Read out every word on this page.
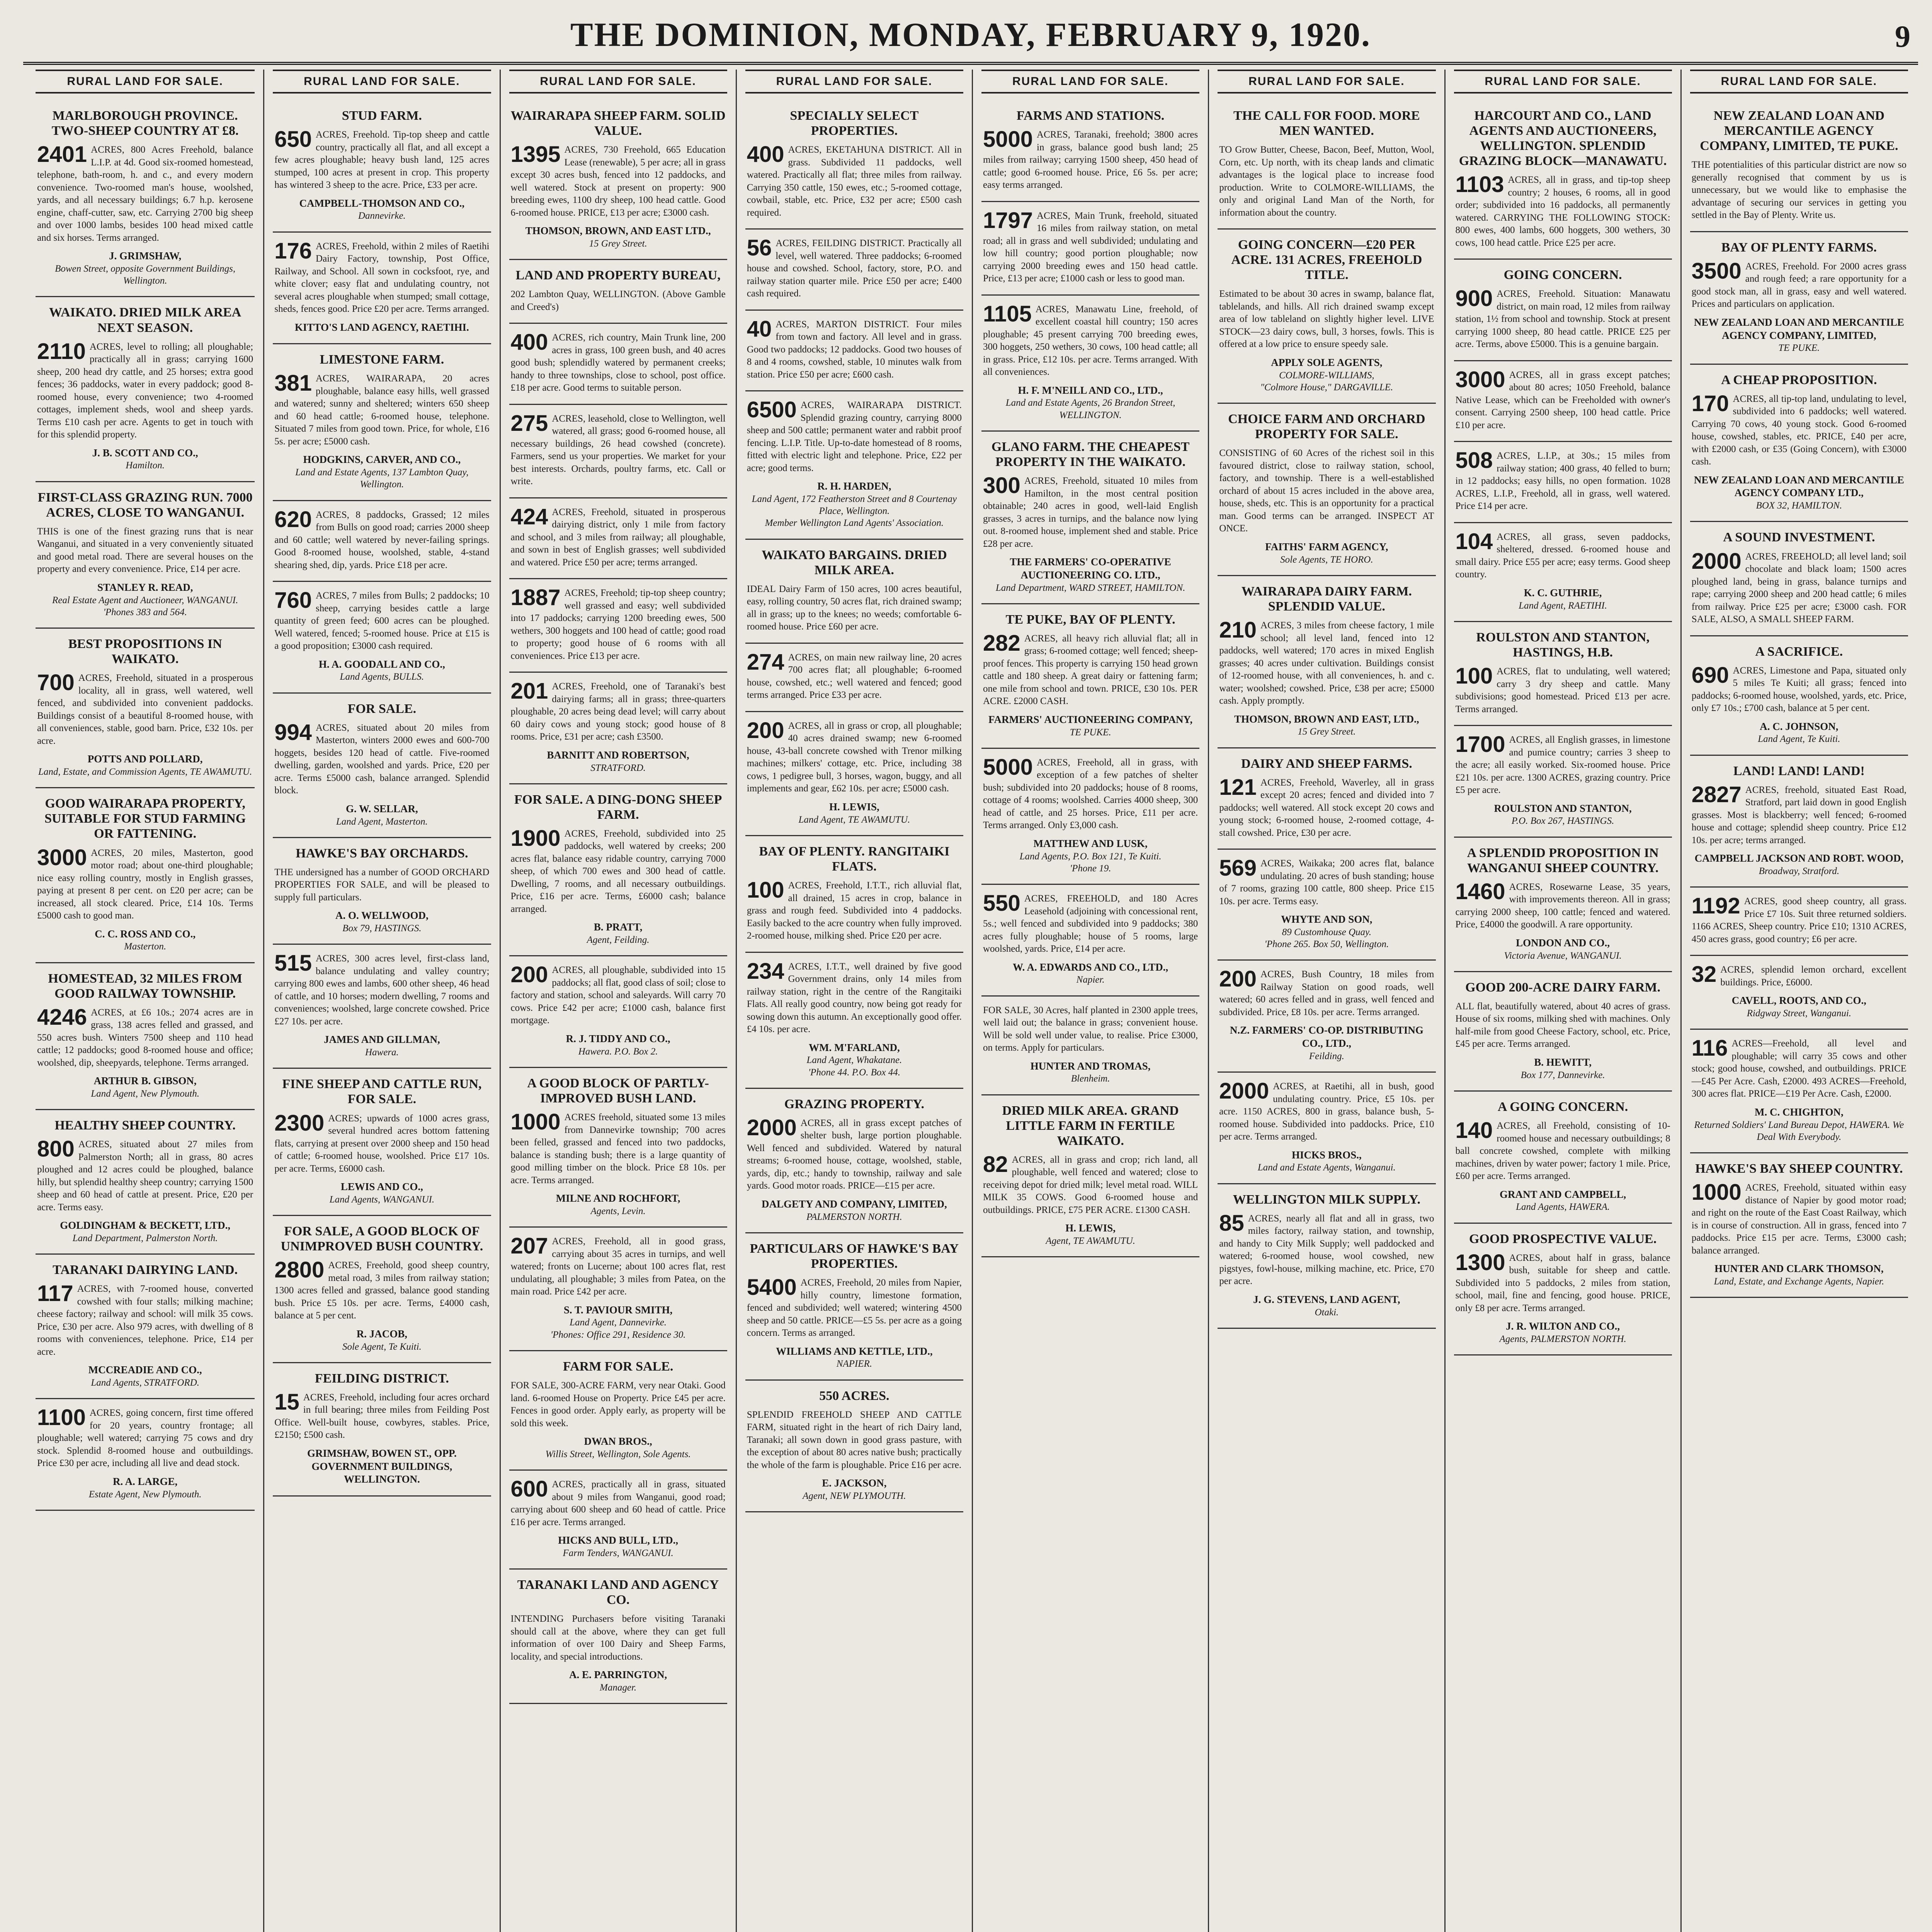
THE DOMINION, MONDAY, FEBRUARY 9, 1920.	9
RURAL LAND FOR SALE.
MARLBOROUGH PROVINCE. TWO-SHEEP COUNTRY AT £8.

2401 ACRES, 800 Acres Freehold, balance L.I.P. at 4d. Good six-roomed homestead, telephone, bath-room, h. and c., and every modern convenience. Two-roomed man's house, woolshed, yards, and all necessary buildings; 6.7 h.p. kerosene engine, chaff-cutter, saw, etc. Carrying 2700 big sheep and over 1000 lambs, besides 100 head mixed cattle and six horses. Terms arranged.

J. GRIMSHAW,
Bowen Street, opposite Government Buildings, Wellington.
WAIKATO. DRIED MILK AREA NEXT SEASON.

2110 ACRES, level to rolling; all ploughable; practically all in grass; carrying 1600 sheep, 200 head dry cattle, and 25 horses; extra good fences; 36 paddocks, water in every paddock; good 8-roomed house, every convenience; two 4-roomed cottages, implement sheds, wool and sheep yards. Terms £10 cash per acre. Agents to get in touch with for this splendid property.

J. B. SCOTT AND CO.,
Hamilton.
FIRST-CLASS GRAZING RUN. 7000 ACRES, CLOSE TO WANGANUI.

THIS is one of the finest grazing runs that is near Wanganui, and situated in a very conveniently situated and good metal road. There are several houses on the property and every convenience. Price, £14 per acre.

STANLEY R. READ,
Real Estate Agent and Auctioneer, WANGANUI.
'Phones 383 and 564.
BEST PROPOSITIONS IN WAIKATO.

700 ACRES, Freehold, situated in a prosperous locality, all in grass, well watered, well fenced, and subdivided into convenient paddocks. Buildings consist of a beautiful 8-roomed house, with all conveniences, stable, good barn. Price, £32 10s. per acre.

POTTS AND POLLARD,
Land, Estate, and Commission Agents, TE AWAMUTU.
GOOD WAIRARAPA PROPERTY, SUITABLE FOR STUD FARMING OR FATTENING.

3000 ACRES, 20 miles, Masterton, good motor road; about one-third ploughable; nice easy rolling country, mostly in English grasses, paying at present 8 per cent. on £20 per acre; can be increased, all stock cleared. Price, £14 10s. Terms £5000 cash to good man.

C. C. ROSS AND CO.,
Masterton.
HOMESTEAD, 32 MILES FROM GOOD RAILWAY TOWNSHIP.

4246 ACRES, at £6 10s.; 2074 acres are in grass, 138 acres felled and grassed, and 550 acres bush. Winters 7500 sheep and 110 head cattle; 12 paddocks; good 8-roomed house and office; woolshed, dip, sheepyards, telephone. Terms arranged.

ARTHUR B. GIBSON,
Land Agent, New Plymouth.
HEALTHY SHEEP COUNTRY.

800 ACRES, situated about 27 miles from Palmerston North; all in grass, 80 acres ploughed and 12 acres could be ploughed, balance hilly, but splendid healthy sheep country; carrying 1500 sheep and 60 head of cattle at present. Price, £20 per acre. Terms easy.

GOLDINGHAM & BECKETT, LTD.,
Land Department, Palmerston North.
TARANAKI DAIRYING LAND.

117 ACRES, with 7-roomed house, converted cowshed with four stalls; milking machine; cheese factory; railway and school: will milk 35 cows. Price, £30 per acre. Also 979 acres, with dwelling of 8 rooms with conveniences, telephone. Price, £14 per acre.

MCCREADIE AND CO.,
Land Agents, STRATFORD.

1100 ACRES, going concern, first time offered for 20 years, country frontage; all ploughable; well watered; carrying 75 cows and dry stock. Splendid 8-roomed house and outbuildings. Price £30 per acre, including all live and dead stock.

R. A. LARGE,
Estate Agent, New Plymouth.
RURAL LAND FOR SALE.
STUD FARM.

650 ACRES, Freehold. Tip-top sheep and cattle country, practically all flat, and all except a few acres ploughable; heavy bush land, 125 acres stumped, 100 acres at present in crop. This property has wintered 3 sheep to the acre. Price, £33 per acre.

CAMPBELL-THOMSON AND CO.,
Dannevirke.

176 ACRES, Freehold, within 2 miles of Raetihi Dairy Factory, township, Post Office, Railway, and School. All sown in cocksfoot, rye, and white clover; easy flat and undulating country, not several acres ploughable when stumped; small cottage, sheds, fences good. Price £20 per acre. Terms arranged.

KITTO'S LAND AGENCY, RAETIHI.
LIMESTONE FARM.

381 ACRES, WAIRARAPA, 20 acres ploughable, balance easy hills, well grassed and watered; sunny and sheltered; winters 650 sheep and 60 head cattle; 6-roomed house, telephone. Situated 7 miles from good town. Price, for whole, £16 5s. per acre; £5000 cash.

HODGKINS, CARVER, AND CO.,
Land and Estate Agents, 137 Lambton Quay, Wellington.

620 ACRES, 8 paddocks, Grassed; 12 miles from Bulls on good road; carries 2000 sheep and 60 cattle; well watered by never-failing springs. Good 8-roomed house, woolshed, stable, 4-stand shearing shed, dip, yards. Price £18 per acre.

760 ACRES, 7 miles from Bulls; 2 paddocks; 10 sheep, carrying besides cattle a large quantity of green feed; 600 acres can be ploughed. Well watered, fenced; 5-roomed house. Price at £15 is a good proposition; £3000 cash required.

H. A. GOODALL AND CO.,
Land Agents, BULLS.
FOR SALE.

994 ACRES, situated about 20 miles from Masterton, winters 2000 ewes and 600-700 hoggets, besides 120 head of cattle. Five-roomed dwelling, garden, woolshed and yards. Price, £20 per acre. Terms £5000 cash, balance arranged. Splendid block.

G. W. SELLAR,
Land Agent, Masterton.
HAWKE'S BAY ORCHARDS.

THE undersigned has a number of GOOD ORCHARD PROPERTIES FOR SALE, and will be pleased to supply full particulars.

A. O. WELLWOOD,
Box 79, HASTINGS.

515 ACRES, 300 acres level, first-class land, balance undulating and valley country; carrying 800 ewes and lambs, 600 other sheep, 46 head of cattle, and 10 horses; modern dwelling, 7 rooms and conveniences; woolshed, large concrete cowshed. Price £27 10s. per acre.

JAMES AND GILLMAN,
Hawera.
FINE SHEEP AND CATTLE RUN, FOR SALE.

2300 ACRES; upwards of 1000 acres grass, several hundred acres bottom fattening flats, carrying at present over 2000 sheep and 150 head of cattle; 6-roomed house, woolshed. Price £17 10s. per acre. Terms, £6000 cash.

LEWIS AND CO.,
Land Agents, WANGANUI.
FOR SALE, A GOOD BLOCK OF UNIMPROVED BUSH COUNTRY.

2800 ACRES, Freehold, good sheep country, metal road, 3 miles from railway station; 1300 acres felled and grassed, balance good standing bush. Price £5 10s. per acre. Terms, £4000 cash, balance at 5 per cent.

R. JACOB,
Sole Agent, Te Kuiti.
FEILDING DISTRICT.

15 ACRES, Freehold, including four acres orchard in full bearing; three miles from Feilding Post Office. Well-built house, cowbyres, stables. Price, £2150; £500 cash.

GRIMSHAW, BOWEN ST., OPP. GOVERNMENT BUILDINGS, WELLINGTON.
RURAL LAND FOR SALE.
WAIRARAPA SHEEP FARM. SOLID VALUE.

1395 ACRES, 730 Freehold, 665 Education Lease (renewable), 5 per acre; all in grass except 30 acres bush, fenced into 12 paddocks, and well watered. Stock at present on property: 900 breeding ewes, 1100 dry sheep, 100 head cattle. Good 6-roomed house. PRICE, £13 per acre; £3000 cash.

THOMSON, BROWN, AND EAST LTD.,
15 Grey Street.
LAND AND PROPERTY BUREAU,

202 Lambton Quay, WELLINGTON. (Above Gamble and Creed's)

400 ACRES, rich country, Main Trunk line, 200 acres in grass, 100 green bush, and 40 acres good bush; splendidly watered by permanent creeks; handy to three townships, close to school, post office. £18 per acre. Good terms to suitable person.

275 ACRES, leasehold, close to Wellington, well watered, all grass; good 6-roomed house, all necessary buildings, 26 head cowshed (concrete). Farmers, send us your properties. We market for your best interests. Orchards, poultry farms, etc. Call or write.

424 ACRES, Freehold, situated in prosperous dairying district, only 1 mile from factory and school, and 3 miles from railway; all ploughable, and sown in best of English grasses; well subdivided and watered. Price £50 per acre; terms arranged.

1887 ACRES, Freehold; tip-top sheep country; well grassed and easy; well subdivided into 17 paddocks; carrying 1200 breeding ewes, 500 wethers, 300 hoggets and 100 head of cattle; good road to property; good house of 6 rooms with all conveniences. Price £13 per acre.

201 ACRES, Freehold, one of Taranaki's best dairying farms; all in grass; three-quarters ploughable, 20 acres being dead level; will carry about 60 dairy cows and young stock; good house of 8 rooms. Price, £31 per acre; cash £3500.

BARNITT AND ROBERTSON,
STRATFORD.
FOR SALE. A DING-DONG SHEEP FARM.

1900 ACRES, Freehold, subdivided into 25 paddocks, well watered by creeks; 200 acres flat, balance easy ridable country, carrying 7000 sheep, of which 700 ewes and 300 head of cattle. Dwelling, 7 rooms, and all necessary outbuildings. Price, £16 per acre. Terms, £6000 cash; balance arranged.

B. PRATT,
Agent, Feilding.

200 ACRES, all ploughable, subdivided into 15 paddocks; all flat, good class of soil; close to factory and station, school and saleyards. Will carry 70 cows. Price £42 per acre; £1000 cash, balance first mortgage.

R. J. TIDDY AND CO.,
Hawera. P.O. Box 2.
A GOOD BLOCK OF PARTLY-IMPROVED BUSH LAND.

1000 ACRES freehold, situated some 13 miles from Dannevirke township; 700 acres been felled, grassed and fenced into two paddocks, balance is standing bush; there is a large quantity of good milling timber on the block. Price £8 10s. per acre. Terms arranged.

MILNE AND ROCHFORT,
Agents, Levin.

207 ACRES, Freehold, all in good grass, carrying about 35 acres in turnips, and well watered; fronts on Lucerne; about 100 acres flat, rest undulating, all ploughable; 3 miles from Patea, on the main road. Price £42 per acre.

S. T. PAVIOUR SMITH,
Land Agent, Dannevirke.
'Phones: Office 291, Residence 30.
FARM FOR SALE.

FOR SALE, 300-ACRE FARM, very near Otaki. Good land. 6-roomed House on Property. Price £45 per acre. Fences in good order. Apply early, as property will be sold this week.

DWAN BROS.,
Willis Street, Wellington, Sole Agents.

600 ACRES, practically all in grass, situated about 9 miles from Wanganui, good road; carrying about 600 sheep and 60 head of cattle. Price £16 per acre. Terms arranged.

HICKS AND BULL, LTD.,
Farm Tenders, WANGANUI.
TARANAKI LAND AND AGENCY CO.

INTENDING Purchasers before visiting Taranaki should call at the above, where they can get full information of over 100 Dairy and Sheep Farms, locality, and special introductions.

A. E. PARRINGTON,
Manager.
RURAL LAND FOR SALE.
SPECIALLY SELECT PROPERTIES.

400 ACRES, EKETAHUNA DISTRICT. All in grass. Subdivided 11 paddocks, well watered. Practically all flat; three miles from railway. Carrying 350 cattle, 150 ewes, etc.; 5-roomed cottage, cowbail, stable, etc. Price, £32 per acre; £500 cash required.

56 ACRES, FEILDING DISTRICT. Practically all level, well watered. Three paddocks; 6-roomed house and cowshed. School, factory, store, P.O. and railway station quarter mile. Price £50 per acre; £400 cash required.

40 ACRES, MARTON DISTRICT. Four miles from town and factory. All level and in grass. Good two paddocks; 12 paddocks. Good two houses of 8 and 4 rooms, cowshed, stable, 10 minutes walk from station. Price £50 per acre; £600 cash.

6500 ACRES, WAIRARAPA DISTRICT. Splendid grazing country, carrying 8000 sheep and 500 cattle; permanent water and rabbit proof fencing. L.I.P. Title. Up-to-date homestead of 8 rooms, fitted with electric light and telephone. Price, £22 per acre; good terms.

R. H. HARDEN,
Land Agent, 172 Featherston Street and 8 Courtenay Place, Wellington.
Member Wellington Land Agents' Association.
WAIKATO BARGAINS. DRIED MILK AREA.

IDEAL Dairy Farm of 150 acres, 100 acres beautiful, easy, rolling country, 50 acres flat, rich drained swamp; all in grass; up to the knees; no weeds; comfortable 6-roomed house. Price £60 per acre.

274 ACRES, on main new railway line, 20 acres 700 acres flat; all ploughable; 6-roomed house, cowshed, etc.; well watered and fenced; good terms arranged. Price £33 per acre.

200 ACRES, all in grass or crop, all ploughable; 40 acres drained swamp; new 6-roomed house, 43-ball concrete cowshed with Trenor milking machines; milkers' cottage, etc. Price, including 38 cows, 1 pedigree bull, 3 horses, wagon, buggy, and all implements and gear, £62 10s. per acre; £5000 cash.

H. LEWIS,
Land Agent, TE AWAMUTU.
BAY OF PLENTY. RANGITAIKI FLATS.

100 ACRES, Freehold, I.T.T., rich alluvial flat, all drained, 15 acres in crop, balance in grass and rough feed. Subdivided into 4 paddocks. Easily backed to the acre country when fully improved. 2-roomed house, milking shed. Price £20 per acre.

234 ACRES, I.T.T., well drained by five good Government drains, only 14 miles from railway station, right in the centre of the Rangitaiki Flats. All really good country, now being got ready for sowing down this autumn. An exceptionally good offer. £4 10s. per acre.

WM. M'FARLAND,
Land Agent, Whakatane.
'Phone 44. P.O. Box 44.
GRAZING PROPERTY.

2000 ACRES, all in grass except patches of shelter bush, large portion ploughable. Well fenced and subdivided. Watered by natural streams; 6-roomed house, cottage, woolshed, stable, yards, dip, etc.; handy to township, railway and sale yards. Good motor roads. PRICE—£15 per acre.

DALGETY AND COMPANY, LIMITED,
PALMERSTON NORTH.
PARTICULARS OF HAWKE'S BAY PROPERTIES.

5400 ACRES, Freehold, 20 miles from Napier, hilly country, limestone formation, fenced and subdivided; well watered; wintering 4500 sheep and 50 cattle. PRICE—£5 5s. per acre as a going concern. Terms as arranged.

WILLIAMS AND KETTLE, LTD.,
NAPIER.
550 ACRES.

SPLENDID FREEHOLD SHEEP AND CATTLE FARM, situated right in the heart of rich Dairy land, Taranaki; all sown down in good grass pasture, with the exception of about 80 acres native bush; practically the whole of the farm is ploughable. Price £16 per acre.

E. JACKSON,
Agent, NEW PLYMOUTH.
RURAL LAND FOR SALE.
FARMS AND STATIONS.

5000 ACRES, Taranaki, freehold; 3800 acres in grass, balance good bush land; 25 miles from railway; carrying 1500 sheep, 450 head of cattle; good 6-roomed house. Price, £6 5s. per acre; easy terms arranged.

1797 ACRES, Main Trunk, freehold, situated 16 miles from railway station, on metal road; all in grass and well subdivided; undulating and low hill country; good portion ploughable; now carrying 2000 breeding ewes and 150 head cattle. Price, £13 per acre; £1000 cash or less to good man.

1105 ACRES, Manawatu Line, freehold, of excellent coastal hill country; 150 acres ploughable; 45 present carrying 700 breeding ewes, 300 hoggets, 250 wethers, 30 cows, 100 head cattle; all in grass. Price, £12 10s. per acre. Terms arranged. With all conveniences.

H. F. M'NEILL AND CO., LTD.,
Land and Estate Agents, 26 Brandon Street, WELLINGTON.
GLANO FARM. THE CHEAPEST PROPERTY IN THE WAIKATO.

300 ACRES, Freehold, situated 10 miles from Hamilton, in the most central position obtainable; 240 acres in good, well-laid English grasses, 3 acres in turnips, and the balance now lying out. 8-roomed house, implement shed and stable. Price £28 per acre.

THE FARMERS' CO-OPERATIVE AUCTIONEERING CO. LTD.,
Land Department, WARD STREET, HAMILTON.
TE PUKE, BAY OF PLENTY.

282 ACRES, all heavy rich alluvial flat; all in grass; 6-roomed cottage; well fenced; sheep-proof fences. This property is carrying 150 head grown cattle and 180 sheep. A great dairy or fattening farm; one mile from school and town. PRICE, £30 10s. PER ACRE. £2000 CASH.

FARMERS' AUCTIONEERING COMPANY,
TE PUKE.

5000 ACRES, Freehold, all in grass, with exception of a few patches of shelter bush; subdivided into 20 paddocks; house of 8 rooms, cottage of 4 rooms; woolshed. Carries 4000 sheep, 300 head of cattle, and 25 horses. Price, £11 per acre. Terms arranged. Only £3,000 cash.

MATTHEW AND LUSK,
Land Agents, P.O. Box 121, Te Kuiti.
'Phone 19.

550 ACRES, FREEHOLD, and 180 Acres Leasehold (adjoining with concessional rent, 5s.; well fenced and subdivided into 9 paddocks; 380 acres fully ploughable; house of 5 rooms, large woolshed, yards. Price, £14 per acre.

W. A. EDWARDS AND CO., LTD.,
Napier.

FOR SALE, 30 Acres, half planted in 2300 apple trees, well laid out; the balance in grass; convenient house. Will be sold well under value, to realise. Price £3000, on terms. Apply for particulars.

HUNTER AND TROMAS,
Blenheim.
DRIED MILK AREA. GRAND LITTLE FARM IN FERTILE WAIKATO.

82 ACRES, all in grass and crop; rich land, all ploughable, well fenced and watered; close to receiving depot for dried milk; level metal road. WILL MILK 35 COWS. Good 6-roomed house and outbuildings. PRICE, £75 PER ACRE. £1300 CASH.

H. LEWIS,
Agent, TE AWAMUTU.
RURAL LAND FOR SALE.
THE CALL FOR FOOD. MORE MEN WANTED.

TO Grow Butter, Cheese, Bacon, Beef, Mutton, Wool, Corn, etc. Up north, with its cheap lands and climatic advantages is the logical place to increase food production. Write to COLMORE-WILLIAMS, the only and original Land Man of the North, for information about the country.

GOING CONCERN—£20 PER ACRE. 131 ACRES, FREEHOLD TITLE.

Estimated to be about 30 acres in swamp, balance flat, tablelands, and hills. All rich drained swamp except area of low tableland on slightly higher level. LIVE STOCK—23 dairy cows, bull, 3 horses, fowls. This is offered at a low price to ensure speedy sale.

APPLY SOLE AGENTS,
COLMORE-WILLIAMS,
"Colmore House," DARGAVILLE.
CHOICE FARM AND ORCHARD PROPERTY FOR SALE.

CONSISTING of 60 Acres of the richest soil in this favoured district, close to railway station, school, factory, and township. There is a well-established orchard of about 15 acres included in the above area, house, sheds, etc. This is an opportunity for a practical man. Good terms can be arranged. INSPECT AT ONCE.

FAITHS' FARM AGENCY,
Sole Agents, TE HORO.
WAIRARAPA DAIRY FARM. SPLENDID VALUE.

210 ACRES, 3 miles from cheese factory, 1 mile school; all level land, fenced into 12 paddocks, well watered; 170 acres in mixed English grasses; 40 acres under cultivation. Buildings consist of 12-roomed house, with all conveniences, h. and c. water; woolshed; cowshed. Price, £38 per acre; £5000 cash. Apply promptly.

THOMSON, BROWN AND EAST, LTD.,
15 Grey Street.
DAIRY AND SHEEP FARMS.

121 ACRES, Freehold, Waverley, all in grass except 20 acres; fenced and divided into 7 paddocks; well watered. All stock except 20 cows and young stock; 6-roomed house, 2-roomed cottage, 4-stall cowshed. Price, £30 per acre.

569 ACRES, Waikaka; 200 acres flat, balance undulating. 20 acres of bush standing; house of 7 rooms, grazing 100 cattle, 800 sheep. Price £15 10s. per acre. Terms easy.

WHYTE AND SON,
89 Customhouse Quay.
'Phone 265. Box 50, Wellington.

200 ACRES, Bush Country, 18 miles from Railway Station on good roads, well watered; 60 acres felled and in grass, well fenced and subdivided. Price, £8 10s. per acre. Terms arranged.

N.Z. FARMERS' CO-OP. DISTRIBUTING CO., LTD.,
Feilding.

2000 ACRES, at Raetihi, all in bush, good undulating country. Price, £5 10s. per acre. 1150 ACRES, 800 in grass, balance bush, 5-roomed house. Subdivided into paddocks. Price, £10 per acre. Terms arranged.

HICKS BROS.,
Land and Estate Agents, Wanganui.
WELLINGTON MILK SUPPLY.

85 ACRES, nearly all flat and all in grass, two miles factory, railway station, and township, and handy to City Milk Supply; well paddocked and watered; 6-roomed house, wool cowshed, new pigstyes, fowl-house, milking machine, etc. Price, £70 per acre.

J. G. STEVENS, LAND AGENT,
Otaki.
RURAL LAND FOR SALE.
HARCOURT AND CO., LAND AGENTS AND AUCTIONEERS, WELLINGTON. SPLENDID GRAZING BLOCK—MANAWATU.

1103 ACRES, all in grass, and tip-top sheep country; 2 houses, 6 rooms, all in good order; subdivided into 16 paddocks, all permanently watered. CARRYING THE FOLLOWING STOCK: 800 ewes, 400 lambs, 600 hoggets, 300 wethers, 30 cows, 100 head cattle. Price £25 per acre.

GOING CONCERN.

900 ACRES, Freehold. Situation: Manawatu district, on main road, 12 miles from railway station, 1½ from school and township. Stock at present carrying 1000 sheep, 80 head cattle. PRICE £25 per acre. Terms, above £5000. This is a genuine bargain.

3000 ACRES, all in grass except patches; about 80 acres; 1050 Freehold, balance Native Lease, which can be Freeholded with owner's consent. Carrying 2500 sheep, 100 head cattle. Price £10 per acre.

508 ACRES, L.I.P., at 30s.; 15 miles from railway station; 400 grass, 40 felled to burn; in 12 paddocks; easy hills, no open formation. 1028 ACRES, L.I.P., Freehold, all in grass, well watered. Price £14 per acre.

104 ACRES, all grass, seven paddocks, sheltered, dressed. 6-roomed house and small dairy. Price £55 per acre; easy terms. Good sheep country.

K. C. GUTHRIE,
Land Agent, RAETIHI.
ROULSTON AND STANTON, HASTINGS, H.B.

100 ACRES, flat to undulating, well watered; carry 3 dry sheep and cattle. Many subdivisions; good homestead. Priced £13 per acre. Terms arranged.

1700 ACRES, all English grasses, in limestone and pumice country; carries 3 sheep to the acre; all easily worked. Six-roomed house. Price £21 10s. per acre. 1300 ACRES, grazing country. Price £5 per acre.

ROULSTON AND STANTON,
P.O. Box 267, HASTINGS.
A SPLENDID PROPOSITION IN WANGANUI SHEEP COUNTRY.

1460 ACRES, Rosewarne Lease, 35 years, with improvements thereon. All in grass; carrying 2000 sheep, 100 cattle; fenced and watered. Price, £4000 the goodwill. A rare opportunity.

LONDON AND CO.,
Victoria Avenue, WANGANUI.
GOOD 200-ACRE DAIRY FARM.

ALL flat, beautifully watered, about 40 acres of grass. House of six rooms, milking shed with machines. Only half-mile from good Cheese Factory, school, etc. Price, £45 per acre. Terms arranged.

B. HEWITT,
Box 177, Dannevirke.
A GOING CONCERN.

140 ACRES, all Freehold, consisting of 10-roomed house and necessary outbuildings; 8 ball concrete cowshed, complete with milking machines, driven by water power; factory 1 mile. Price, £60 per acre. Terms arranged.

GRANT AND CAMPBELL,
Land Agents, HAWERA.
GOOD PROSPECTIVE VALUE.

1300 ACRES, about half in grass, balance bush, suitable for sheep and cattle. Subdivided into 5 paddocks, 2 miles from station, school, mail, fine and fencing, good house. PRICE, only £8 per acre. Terms arranged.

J. R. WILTON AND CO.,
Agents, PALMERSTON NORTH.
RURAL LAND FOR SALE.
NEW ZEALAND LOAN AND MERCANTILE AGENCY COMPANY, LIMITED, TE PUKE.

THE potentialities of this particular district are now so generally recognised that comment by us is unnecessary, but we would like to emphasise the advantage of securing our services in getting you settled in the Bay of Plenty. Write us.

BAY OF PLENTY FARMS.

3500 ACRES, Freehold. For 2000 acres grass and rough feed; a rare opportunity for a good stock man, all in grass, easy and well watered. Prices and particulars on application.

NEW ZEALAND LOAN AND MERCANTILE AGENCY COMPANY, LIMITED,
TE PUKE.
A CHEAP PROPOSITION.

170 ACRES, all tip-top land, undulating to level, subdivided into 6 paddocks; well watered. Carrying 70 cows, 40 young stock. Good 6-roomed house, cowshed, stables, etc. PRICE, £40 per acre, with £2000 cash, or £35 (Going Concern), with £3000 cash.

NEW ZEALAND LOAN AND MERCANTILE AGENCY COMPANY LTD.,
BOX 32, HAMILTON.
A SOUND INVESTMENT.

2000 ACRES, FREEHOLD; all level land; soil chocolate and black loam; 1500 acres ploughed land, being in grass, balance turnips and rape; carrying 2000 sheep and 200 head cattle; 6 miles from railway. Price £25 per acre; £3000 cash. FOR SALE, ALSO, A SMALL SHEEP FARM.

A SACRIFICE.

690 ACRES, Limestone and Papa, situated only 5 miles Te Kuiti; all grass; fenced into paddocks; 6-roomed house, woolshed, yards, etc. Price, only £7 10s.; £700 cash, balance at 5 per cent.

A. C. JOHNSON,
Land Agent, Te Kuiti.
LAND! LAND! LAND!

2827 ACRES, freehold, situated East Road, Stratford, part laid down in good English grasses. Most is blackberry; well fenced; 6-roomed house and cottage; splendid sheep country. Price £12 10s. per acre; terms arranged.

CAMPBELL JACKSON AND ROBT. WOOD,
Broadway, Stratford.

1192 ACRES, good sheep country, all grass. Price £7 10s. Suit three returned soldiers. 1166 ACRES, Sheep country. Price £10; 1310 ACRES, 450 acres grass, good country; £6 per acre.

32 ACRES, splendid lemon orchard, excellent buildings. Price, £6000.

CAVELL, ROOTS, AND CO.,
Ridgway Street, Wanganui.

116 ACRES—Freehold, all level and ploughable; will carry 35 cows and other stock; good house, cowshed, and outbuildings. PRICE—£45 Per Acre. Cash, £2000. 493 ACRES—Freehold, 300 acres flat. PRICE—£19 Per Acre. Cash, £2000.

M. C. CHIGHTON,
Returned Soldiers' Land Bureau Depot, HAWERA. We Deal With Everybody.
HAWKE'S BAY SHEEP COUNTRY.

1000 ACRES, Freehold, situated within easy distance of Napier by good motor road; and right on the route of the East Coast Railway, which is in course of construction. All in grass, fenced into 7 paddocks. Price £15 per acre. Terms, £3000 cash; balance arranged.

HUNTER AND CLARK THOMSON,
Land, Estate, and Exchange Agents, Napier.
